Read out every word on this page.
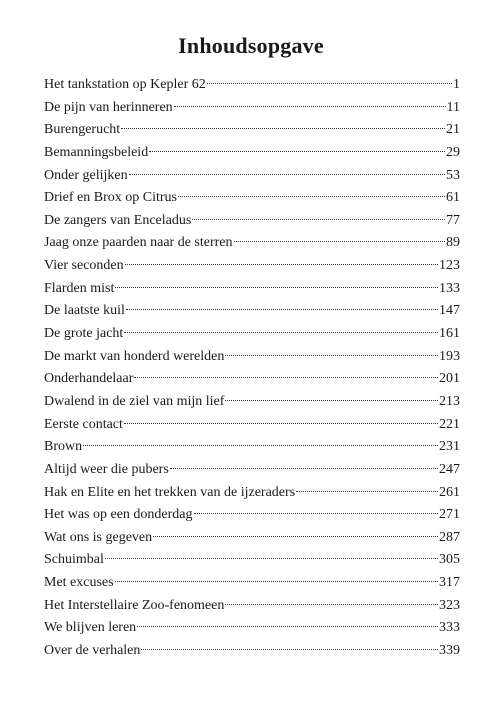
Inhoudsopgave
Het tankstation op Kepler 62	1
De pijn van herinneren	11
Burengerucht	21
Bemanningsbeleid	29
Onder gelijken	53
Drief en Brox op Citrus	61
De zangers van Enceladus	77
Jaag onze paarden naar de sterren	89
Vier seconden	123
Flarden mist	133
De laatste kuil	147
De grote jacht	161
De markt van honderd werelden	193
Onderhandelaar	201
Dwalend in de ziel van mijn lief	213
Eerste contact	221
Brown	231
Altijd weer die pubers	247
Hak en Elite en het trekken van de ijzeraders	261
Het was op een donderdag	271
Wat ons is gegeven	287
Schuimbal	305
Met excuses	317
Het Interstellaire Zoo-fenomeen	323
We blijven leren	333
Over de verhalen	339
